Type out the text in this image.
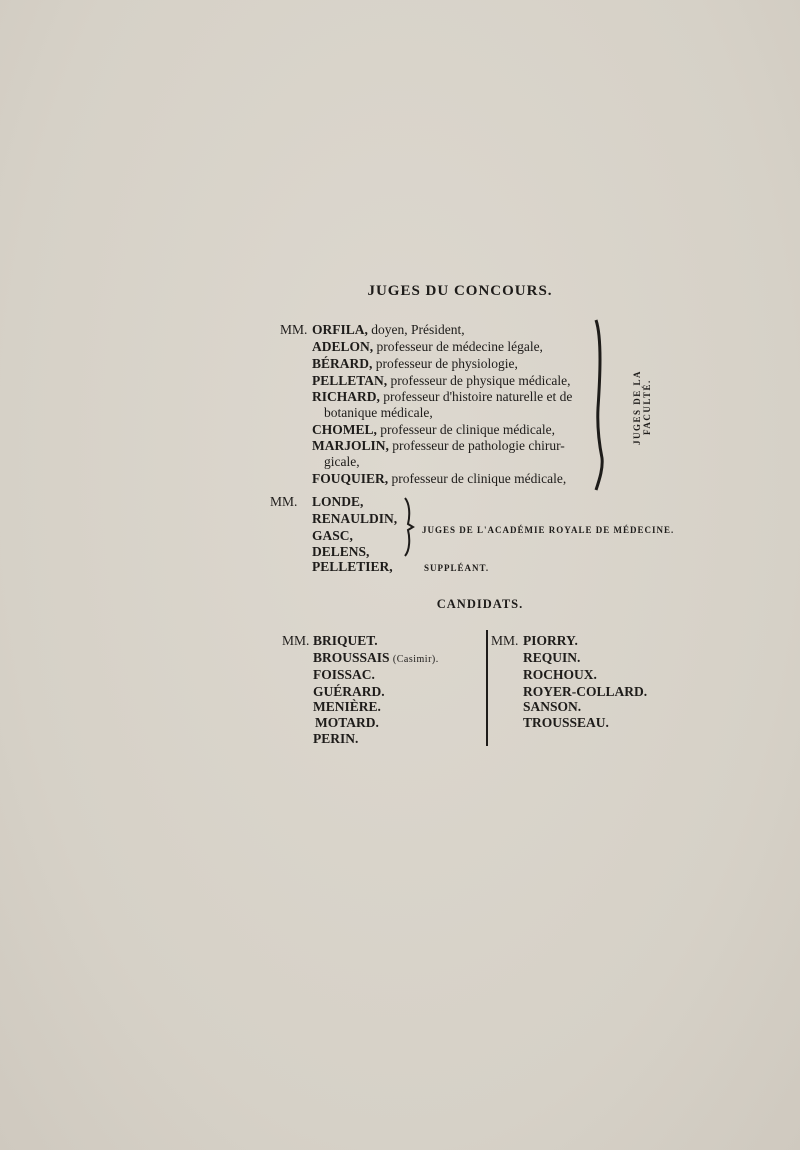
JUGES DU CONCOURS.
MM. ORFILA, doyen, Président,
ADELON, professeur de médecine légale,
BÉRARD, professeur de physiologie,
PELLETAN, professeur de physique médicale,
RICHARD, professeur d'histoire naturelle et de
botanique médicale,
CHOMEL, professeur de clinique médicale,
MARJOLIN, professeur de pathologie chirur-
gicale,
FOUQUIER, professeur de clinique médicale,
JUGES DE LA FACULTÉ.
MM. LONDE,
RENAULDIN,
GASC,
DELENS,
PELLETIER,
JUGES DE L'ACADÉMIE ROYALE DE MÉDECINE.
SUPPLÉANT.
CANDIDATS.
MM. BRIQUET.
BROUSSAIS (Casimir).
FOISSAC.
GUÉRARD.
MENIÈRE.
MOTARD.
PERIN.
MM. PIORRY.
REQUIN.
ROCHOUX.
ROYER-COLLARD.
SANSON.
TROUSSEAU.
